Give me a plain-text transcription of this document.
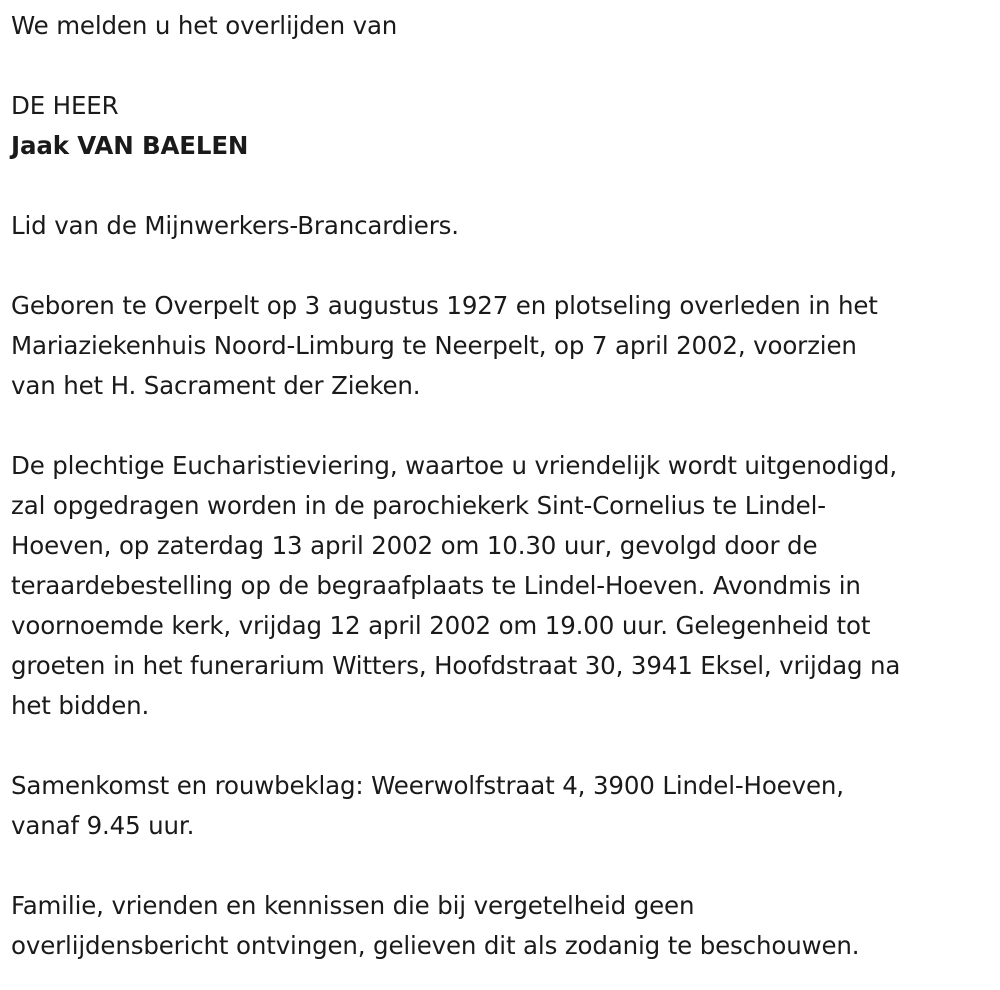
We melden u het overlijden van
DE HEER
Jaak VAN BAELEN
Lid van de Mijnwerkers-Brancardiers.
Geboren te Overpelt op 3 augustus 1927 en plotseling overleden in het
Mariaziekenhuis Noord-Limburg te Neerpelt, op 7 april 2002, voorzien
van het H. Sacrament der Zieken.
De plechtige Eucharistieviering, waartoe u vriendelijk wordt uitgenodigd,
zal opgedragen worden in de parochiekerk Sint-Cornelius te Lindel-
Hoeven, op zaterdag 13 april 2002 om 10.30 uur, gevolgd door de
teraardebestelling op de begraafplaats te Lindel-Hoeven. Avondmis in
voornoemde kerk, vrijdag 12 april 2002 om 19.00 uur. Gelegenheid tot
groeten in het funerarium Witters, Hoofdstraat 30, 3941 Eksel, vrijdag na
het bidden.
Samenkomst en rouwbeklag: Weerwolfstraat 4, 3900 Lindel-Hoeven,
vanaf 9.45 uur.
Familie, vrienden en kennissen die bij vergetelheid geen
overlijdensbericht ontvingen, gelieven dit als zodanig te beschouwen.
